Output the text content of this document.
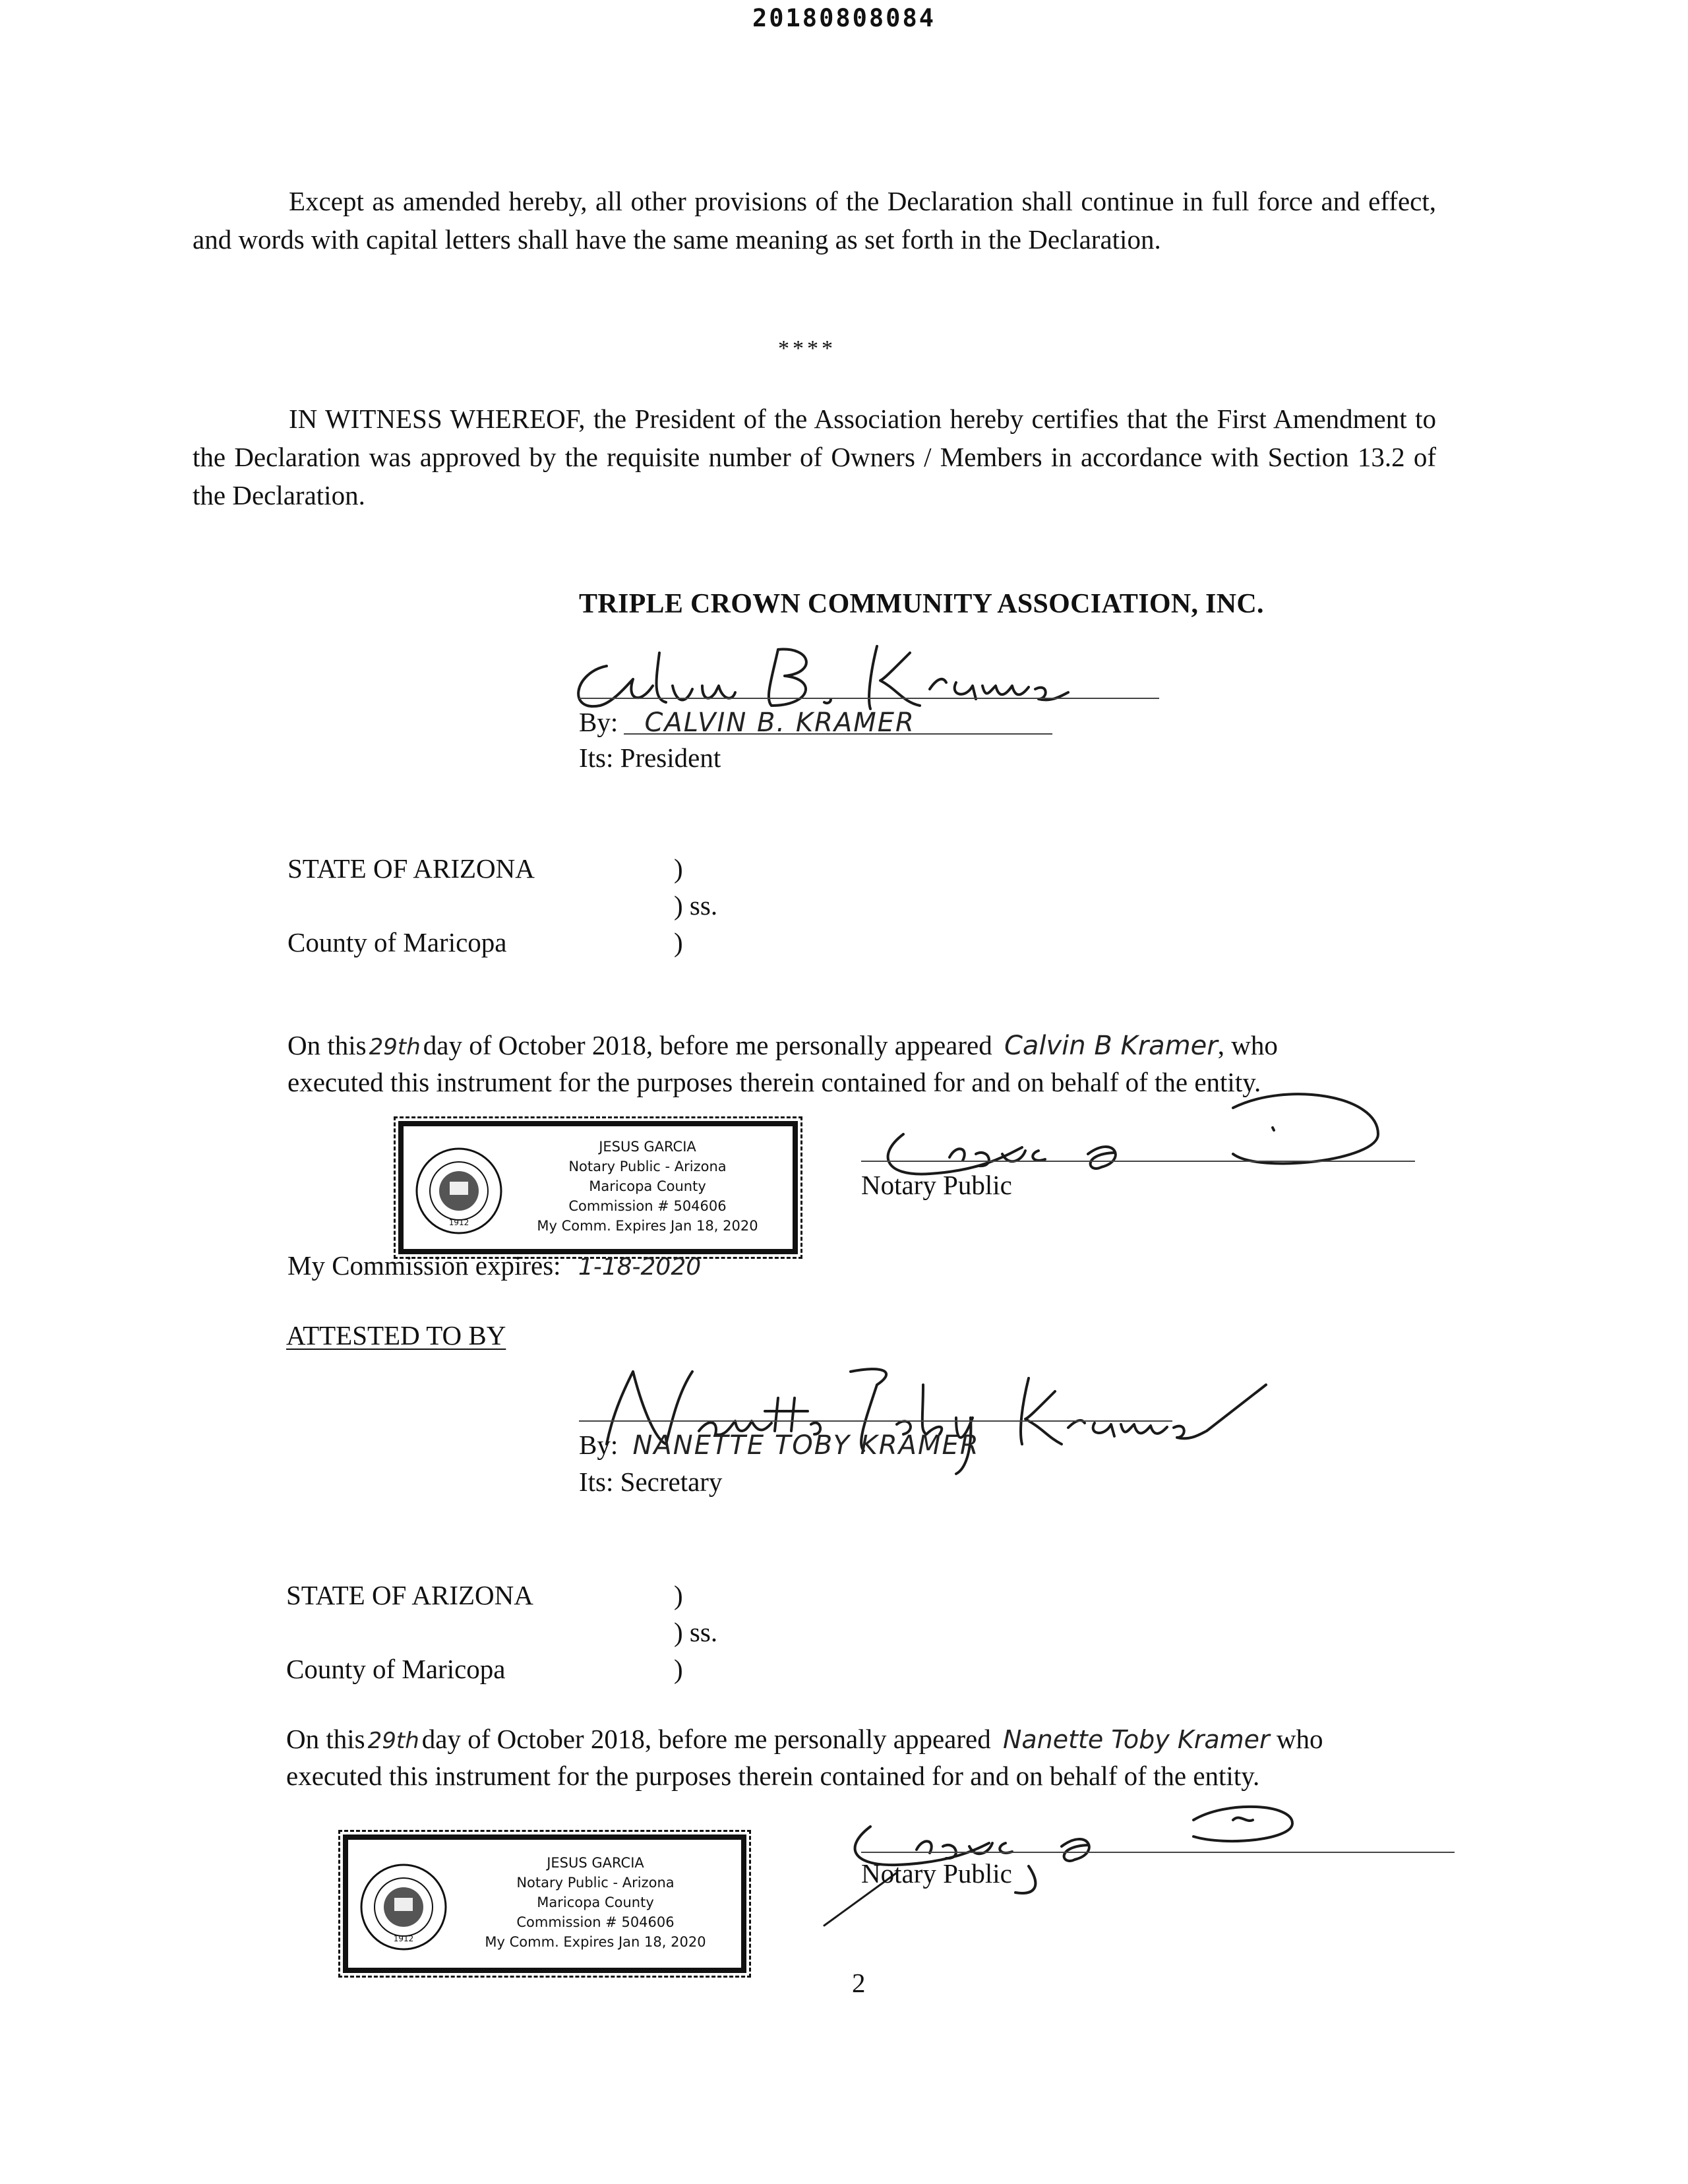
20180808084
Except as amended hereby, all other provisions of the Declaration shall continue in full force and effect, and words with capital letters shall have the same meaning as set forth in the Declaration.
****
IN WITNESS WHEREOF, the President of the Association hereby certifies that the First Amendment to the Declaration was approved by the requisite number of Owners / Members in accordance with Section 13.2 of the Declaration.
TRIPLE CROWN COMMUNITY ASSOCIATION, INC.
By: CALVIN B. KRAMER
Its: President
STATE OF ARIZONA	)
) ss.
County of Maricopa	)
On this 29thday of October 2018, before me personally appeared Calvin B Kramer, who
executed this instrument for the purposes therein contained for and on behalf of the entity.
1912
JESUS GARCIA
Notary Public - Arizona
Maricopa County
Commission # 504606
My Comm. Expires Jan 18, 2020
Notary Public
My Commission expires: 1-18-2020
ATTESTED TO BY
By: NANETTE TOBY KRAMER
Its: Secretary
STATE OF ARIZONA	)
) ss.
County of Maricopa	)
On this 29thday of October 2018, before me personally appeared Nanette Toby Kramer who
executed this instrument for the purposes therein contained for and on behalf of the entity.
1912
JESUS GARCIA
Notary Public - Arizona
Maricopa County
Commission # 504606
My Comm. Expires Jan 18, 2020
Notary Public
2
